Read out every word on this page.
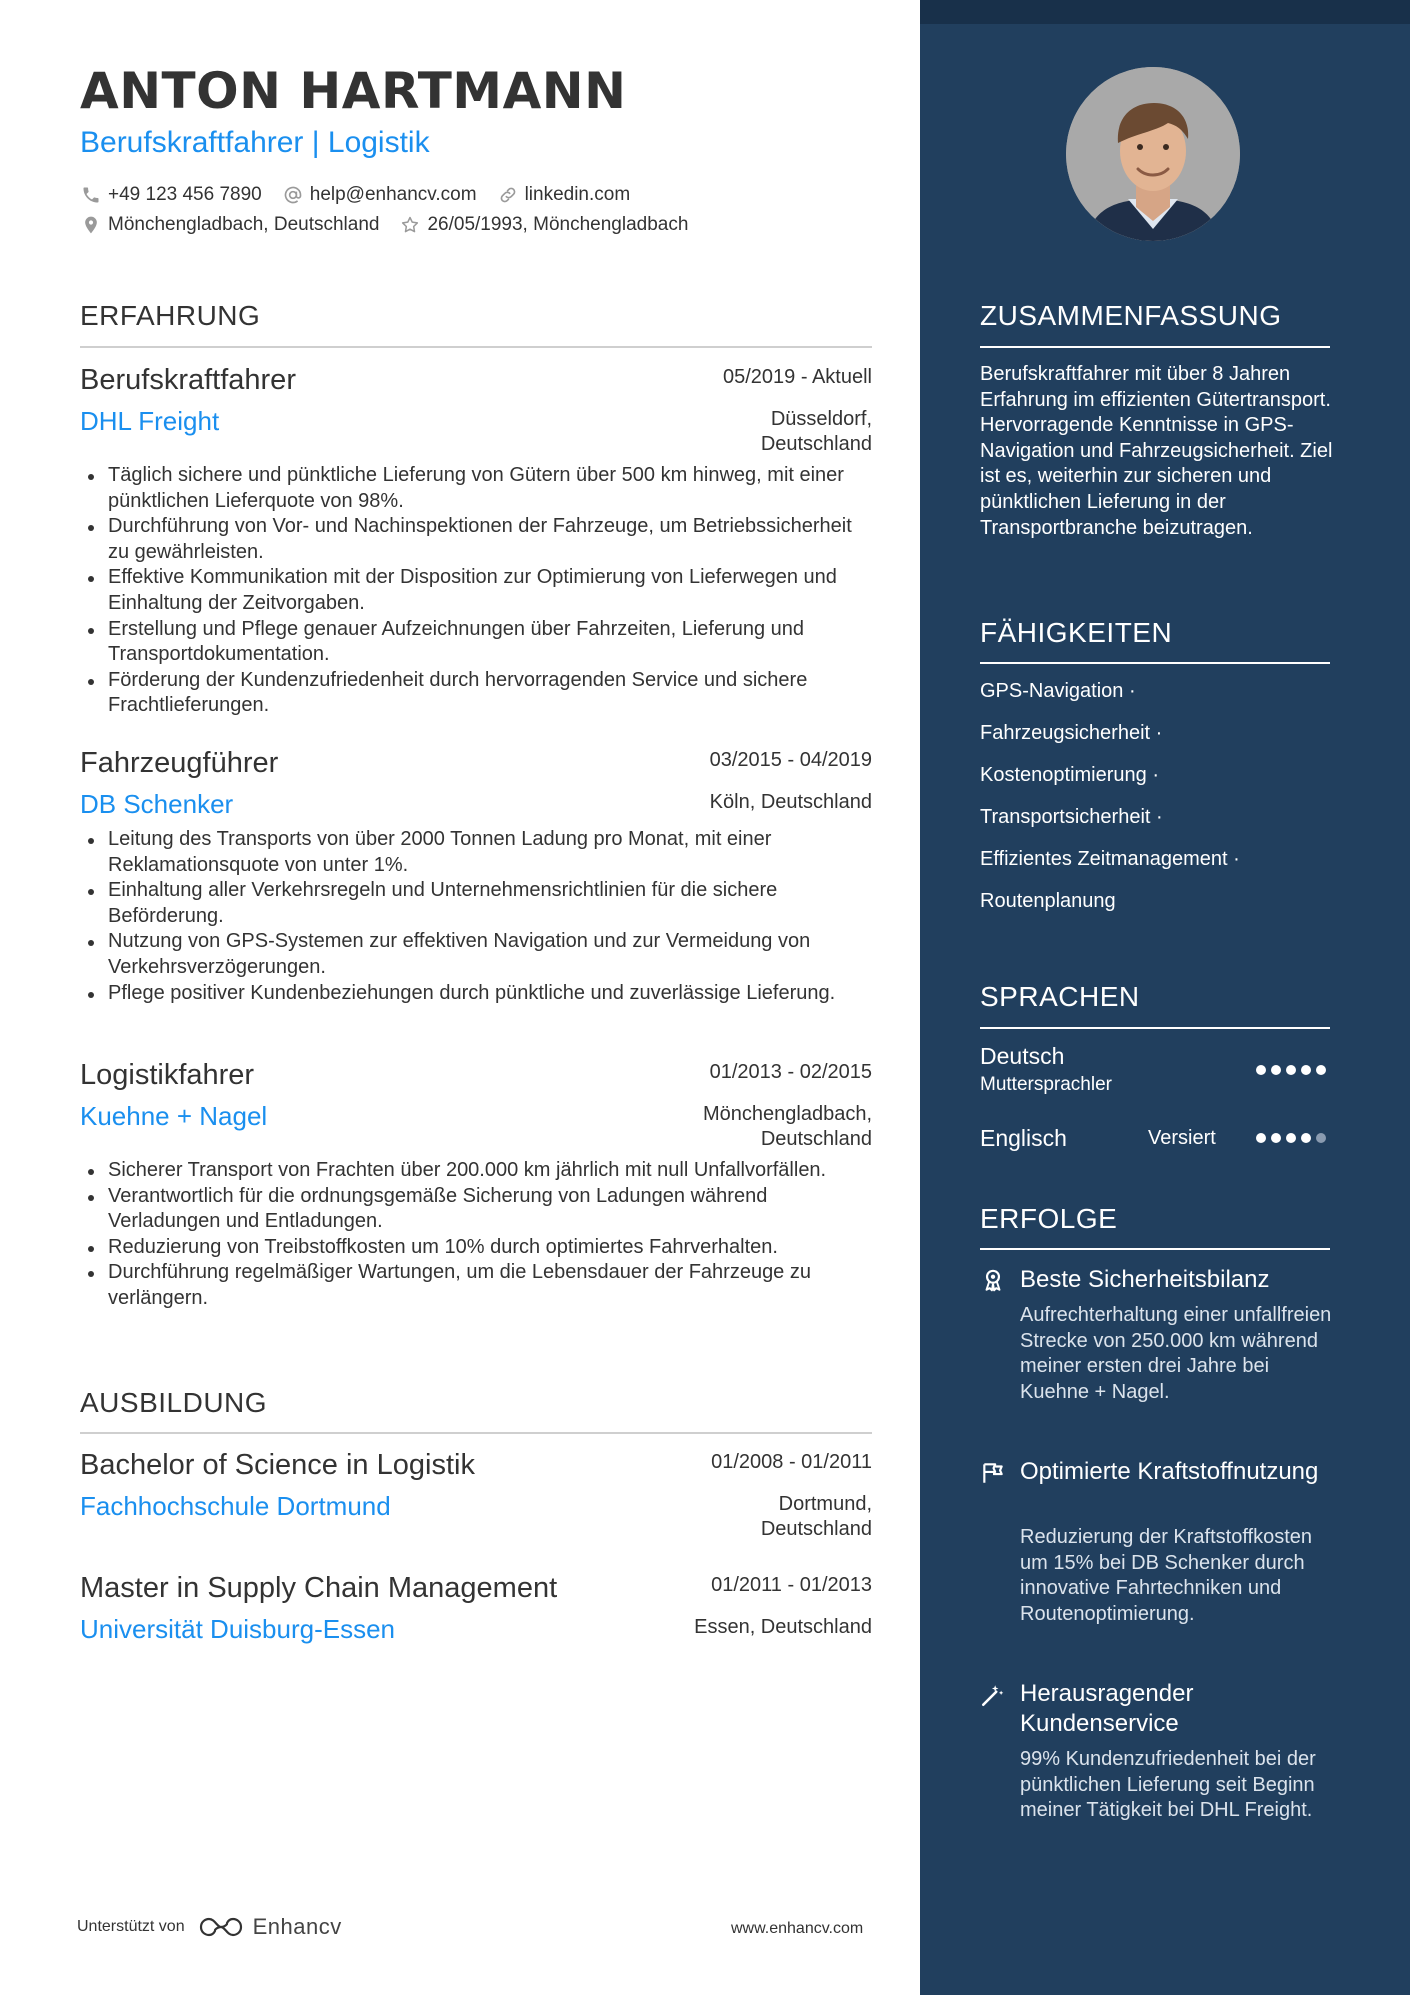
ANTON HARTMANN
Berufskraftfahrer | Logistik
+49 123 456 7890	help@enhancv.com	linkedin.com
Mönchengladbach, Deutschland	26/05/1993, Mönchengladbach
ERFAHRUNG
Berufskraftfahrer	05/2019 - Aktuell
DHL Freight	Düsseldorf,
Deutschland
Täglich sichere und pünktliche Lieferung von Gütern über 500 km hinweg, mit einer pünktlichen Lieferquote von 98%.
Durchführung von Vor- und Nachinspektionen der Fahrzeuge, um Betriebssicherheit zu gewährleisten.
Effektive Kommunikation mit der Disposition zur Optimierung von Lieferwegen und Einhaltung der Zeitvorgaben.
Erstellung und Pflege genauer Aufzeichnungen über Fahrzeiten, Lieferung und Transportdokumentation.
Förderung der Kundenzufriedenheit durch hervorragenden Service und sichere Frachtlieferungen.
Fahrzeugführer	03/2015 - 04/2019
DB Schenker	Köln, Deutschland
Leitung des Transports von über 2000 Tonnen Ladung pro Monat, mit einer Reklamationsquote von unter 1%.
Einhaltung aller Verkehrsregeln und Unternehmensrichtlinien für die sichere Beförderung.
Nutzung von GPS-Systemen zur effektiven Navigation und zur Vermeidung von Verkehrsverzögerungen.
Pflege positiver Kundenbeziehungen durch pünktliche und zuverlässige Lieferung.
Logistikfahrer	01/2013 - 02/2015
Kuehne + Nagel	Mönchengladbach,
Deutschland
Sicherer Transport von Frachten über 200.000 km jährlich mit null Unfallvorfällen.
Verantwortlich für die ordnungsgemäße Sicherung von Ladungen während Verladungen und Entladungen.
Reduzierung von Treibstoffkosten um 10% durch optimiertes Fahrverhalten.
Durchführung regelmäßiger Wartungen, um die Lebensdauer der Fahrzeuge zu verlängern.
AUSBILDUNG
Bachelor of Science in Logistik	01/2008 - 01/2011
Fachhochschule Dortmund	Dortmund,
Deutschland
Master in Supply Chain Management	01/2011 - 01/2013
Universität Duisburg-Essen	Essen, Deutschland
Unterstützt von	Enhancv	www.enhancv.com
ZUSAMMENFASSUNG
Berufskraftfahrer mit über 8 Jahren Erfahrung im effizienten Gütertransport. Hervorragende Kenntnisse in GPS-Navigation und Fahrzeugsicherheit. Ziel ist es, weiterhin zur sicheren und pünktlichen Lieferung in der Transportbranche beizutragen.
FÄHIGKEITEN
GPS-Navigation ·
Fahrzeugsicherheit ·
Kostenoptimierung ·
Transportsicherheit ·
Effizientes Zeitmanagement ·
Routenplanung
SPRACHEN
Deutsch
Muttersprachler
Englisch	Versiert
ERFOLGE
Beste Sicherheitsbilanz
Aufrechterhaltung einer unfallfreien Strecke von 250.000 km während meiner ersten drei Jahre bei Kuehne + Nagel.
Optimierte Kraftstoffnutzung
Reduzierung der Kraftstoffkosten um 15% bei DB Schenker durch innovative Fahrtechniken und Routenoptimierung.
Herausragender Kundenservice
99% Kundenzufriedenheit bei der pünktlichen Lieferung seit Beginn meiner Tätigkeit bei DHL Freight.
